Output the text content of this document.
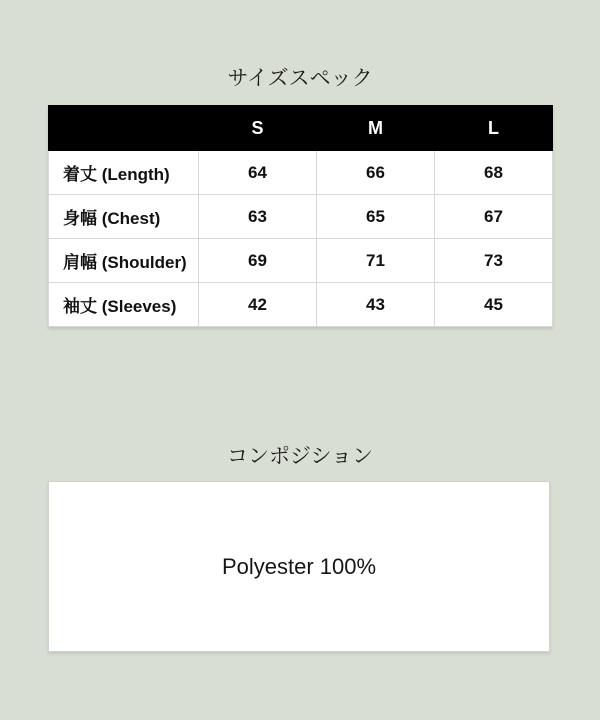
サイズスペック
	S	M	L
着丈 (Length)	64	66	68
身幅 (Chest)	63	65	67
肩幅 (Shoulder)	69	71	73
袖丈 (Sleeves)	42	43	45
コンポジション
Polyester 100%
